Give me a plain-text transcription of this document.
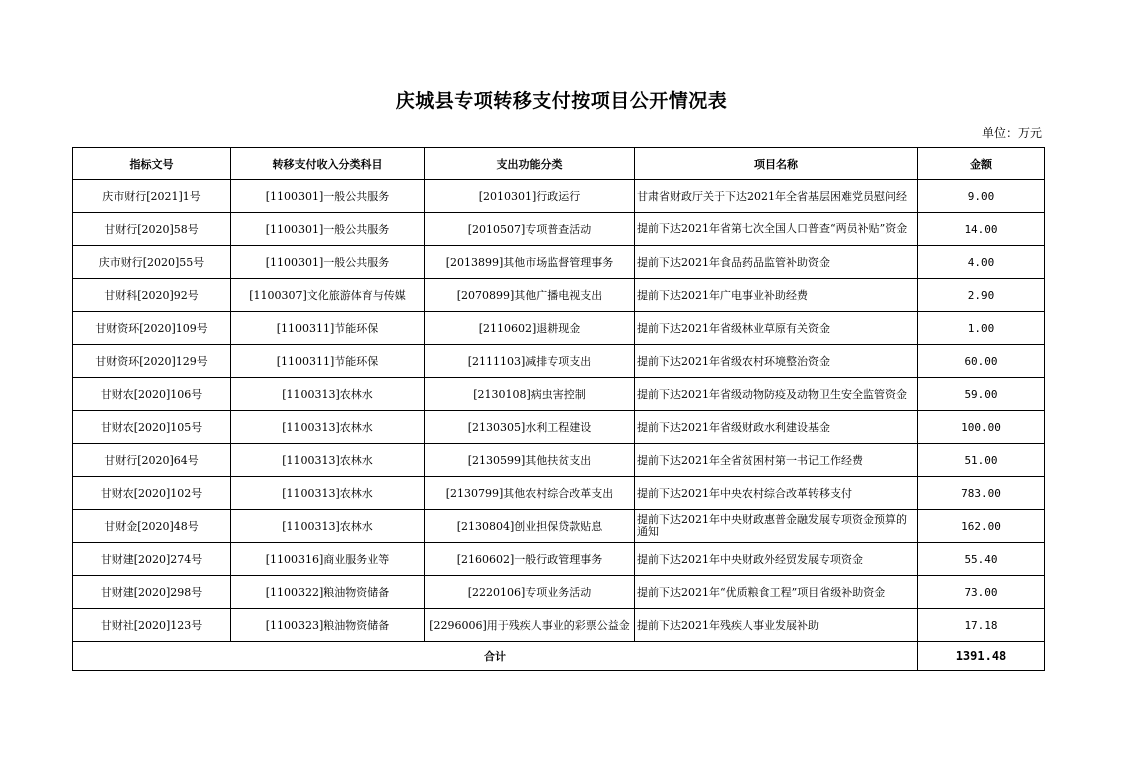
庆城县专项转移支付按项目公开情况表
单位：万元
指标文号	转移支付收入分类科目	支出功能分类	项目名称	金额
庆市财行[2021]1号	[1100301]一般公共服务	[2010301]行政运行	甘肃省财政厅关于下达2021年全省基层困难党员慰问经	9.00
甘财行[2020]58号	[1100301]一般公共服务	[2010507]专项普查活动	提前下达2021年省第七次全国人口普查“两员补贴”资金	14.00
庆市财行[2020]55号	[1100301]一般公共服务	[2013899]其他市场监督管理事务	提前下达2021年食品药品监管补助资金	4.00
甘财科[2020]92号	[1100307]文化旅游体育与传媒	[2070899]其他广播电视支出	提前下达2021年广电事业补助经费	2.90
甘财资环[2020]109号	[1100311]节能环保	[2110602]退耕现金	提前下达2021年省级林业草原有关资金	1.00
甘财资环[2020]129号	[1100311]节能环保	[2111103]减排专项支出	提前下达2021年省级农村环境整治资金	60.00
甘财农[2020]106号	[1100313]农林水	[2130108]病虫害控制	提前下达2021年省级动物防疫及动物卫生安全监管资金	59.00
甘财农[2020]105号	[1100313]农林水	[2130305]水利工程建设	提前下达2021年省级财政水利建设基金	100.00
甘财行[2020]64号	[1100313]农林水	[2130599]其他扶贫支出	提前下达2021年全省贫困村第一书记工作经费	51.00
甘财农[2020]102号	[1100313]农林水	[2130799]其他农村综合改革支出	提前下达2021年中央农村综合改革转移支付	783.00
甘财金[2020]48号	[1100313]农林水	[2130804]创业担保贷款贴息	提前下达2021年中央财政惠普金融发展专项资金预算的通知	162.00
甘财建[2020]274号	[1100316]商业服务业等	[2160602]一般行政管理事务	提前下达2021年中央财政外经贸发展专项资金	55.40
甘财建[2020]298号	[1100322]粮油物资储备	[2220106]专项业务活动	提前下达2021年“优质粮食工程”项目省级补助资金	73.00
甘财社[2020]123号	[1100323]粮油物资储备	[2296006]用于残疾人事业的彩票公益金	提前下达2021年残疾人事业发展补助	17.18
合计				1391.48
